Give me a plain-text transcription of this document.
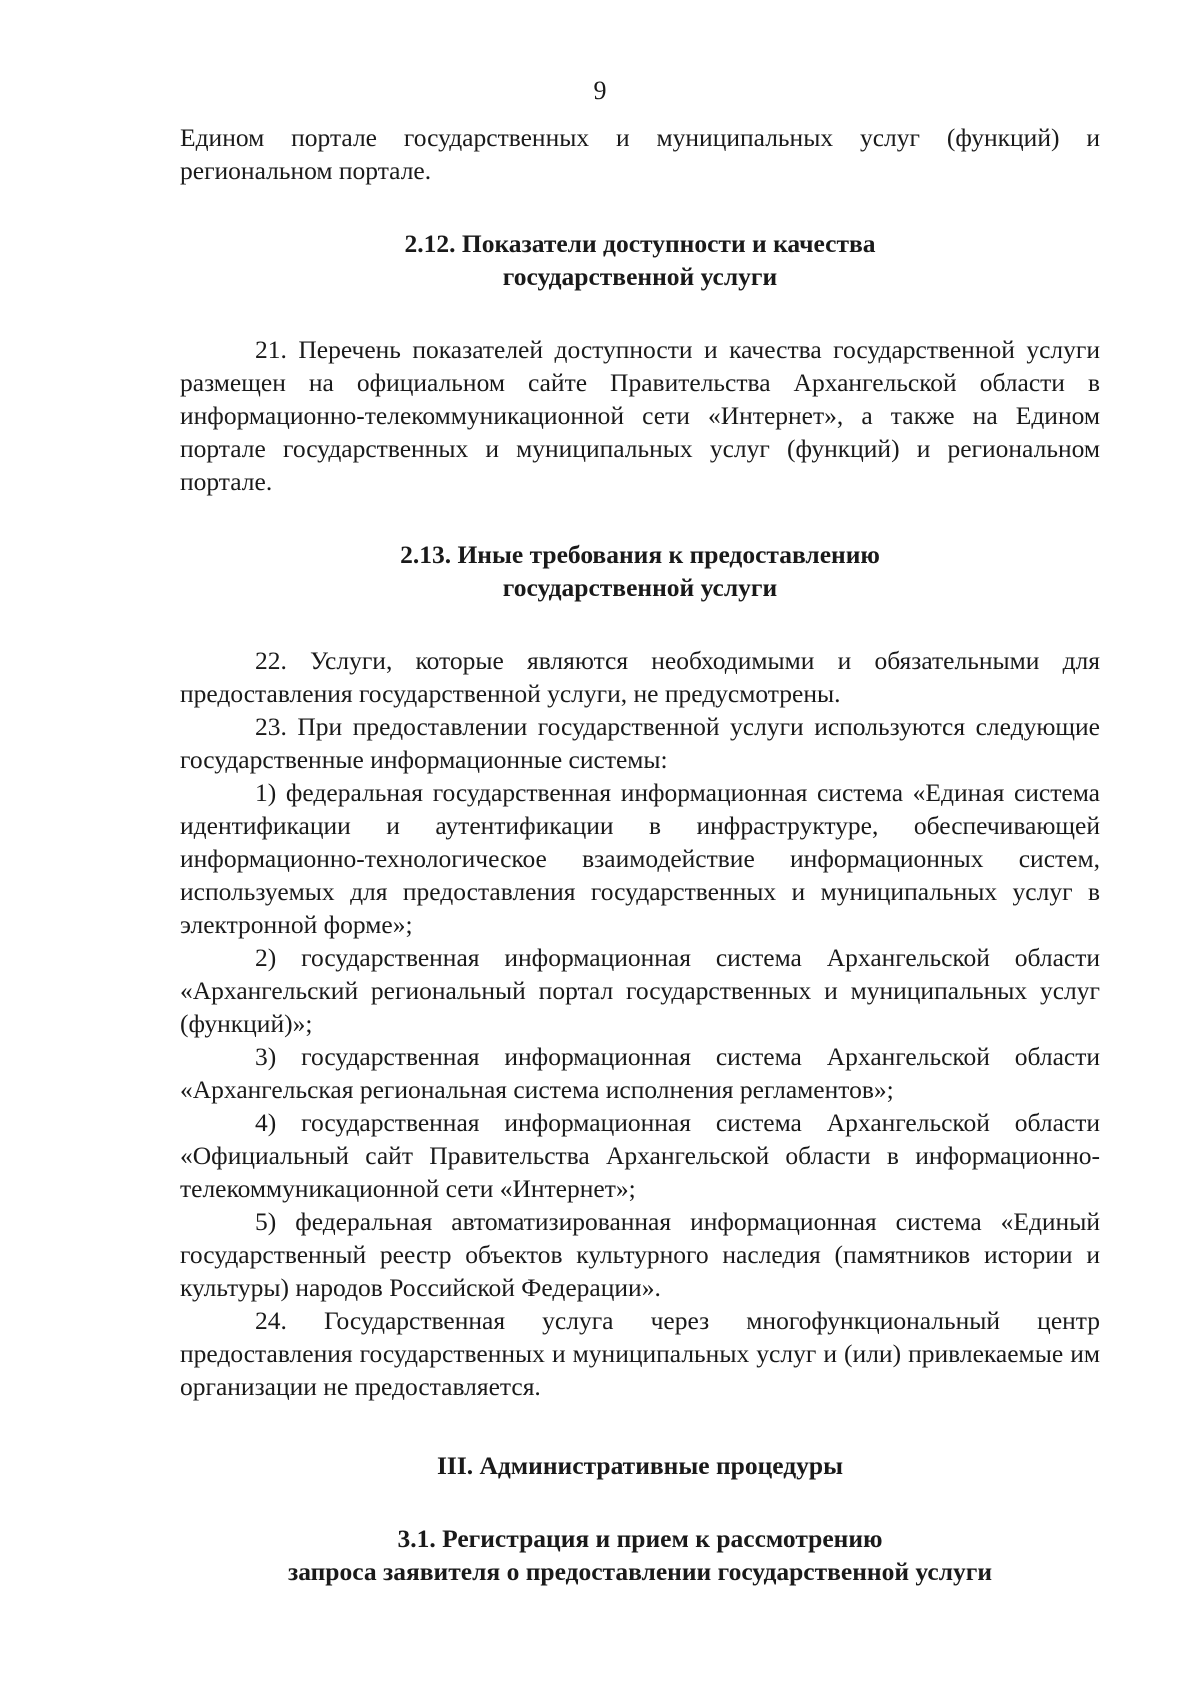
9

Едином портале государственных и муниципальных услуг (функций) и региональном портале.

2.12. Показатели доступности и качества
государственной услуги

21. Перечень показателей доступности и качества государственной услуги размещен на официальном сайте Правительства Архангельской области в информационно-телекоммуникационной сети «Интернет», а также на Едином портале государственных и муниципальных услуг (функций) и региональном портале.

2.13. Иные требования к предоставлению
государственной услуги

22. Услуги, которые являются необходимыми и обязательными для предоставления государственной услуги, не предусмотрены.

23. При предоставлении государственной услуги используются следующие государственные информационные системы:

1) федеральная государственная информационная система «Единая система идентификации и аутентификации в инфраструктуре, обеспечивающей информационно-технологическое взаимодействие информационных систем, используемых для предоставления государственных и муниципальных услуг в электронной форме»;

2) государственная информационная система Архангельской области «Архангельский региональный портал государственных и муниципальных услуг (функций)»;

3) государственная информационная система Архангельской области «Архангельская региональная система исполнения регламентов»;

4) государственная информационная система Архангельской области «Официальный сайт Правительства Архангельской области в информационно-телекоммуникационной сети «Интернет»;

5) федеральная автоматизированная информационная система «Единый государственный реестр объектов культурного наследия (памятников истории и культуры) народов Российской Федерации».

24. Государственная услуга через многофункциональный центр предоставления государственных и муниципальных услуг и (или) привлекаемые им организации не предоставляется.

III. Административные процедуры
3.1. Регистрация и прием к рассмотрению
запроса заявителя о предоставлении государственной услуги
